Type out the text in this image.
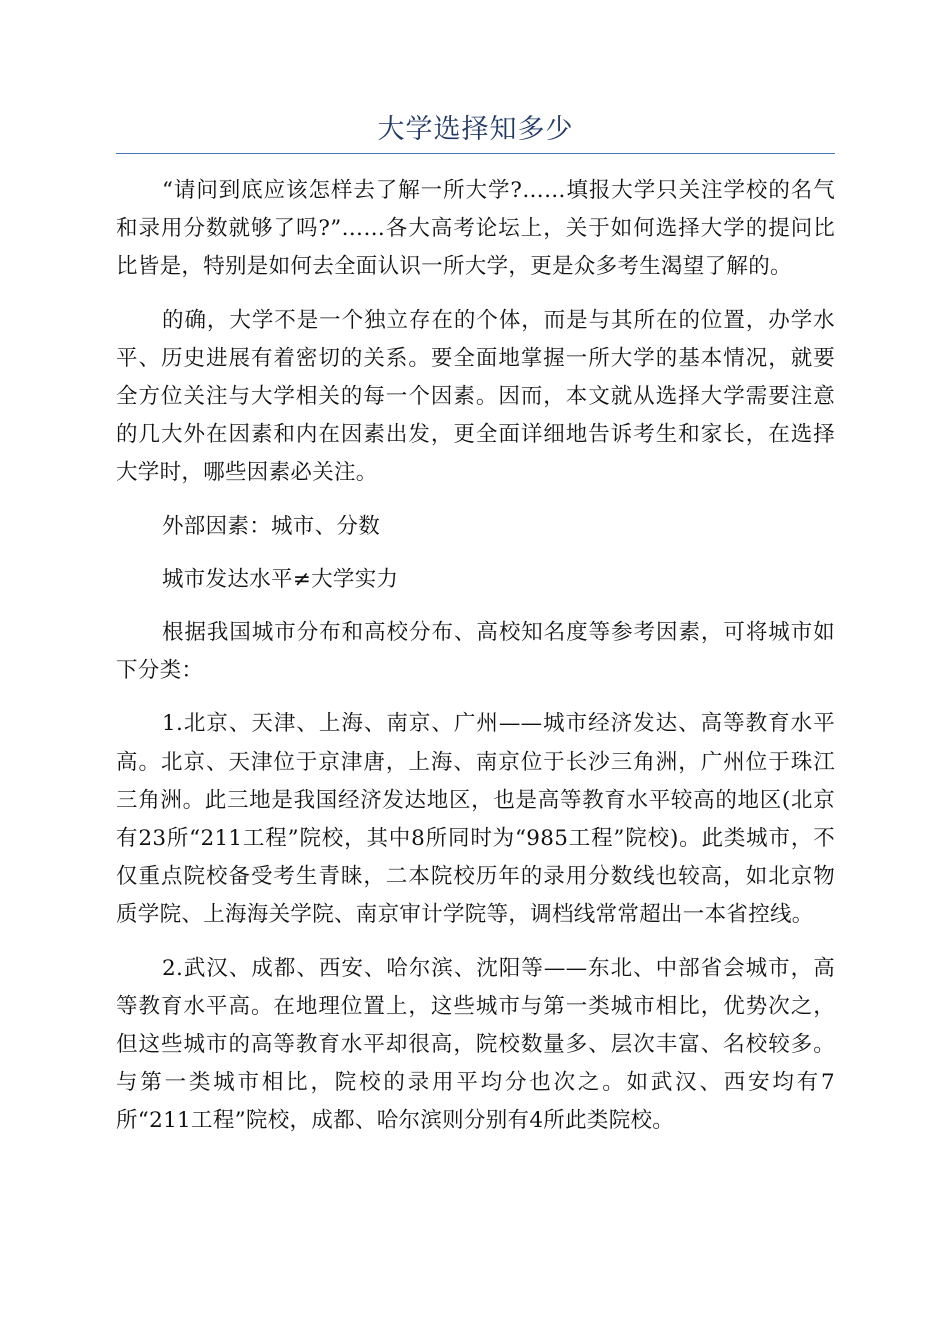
大学选择知多少

“请问到底应该怎样去了解一所大学?……填报大学只关注学校的名气和录用分数就够了吗?”……各大高考论坛上，关于如何选择大学的提问比比皆是，特别是如何去全面认识一所大学，更是众多考生渴望了解的。

的确，大学不是一个独立存在的个体，而是与其所在的位置，办学水平、历史进展有着密切的关系。要全面地掌握一所大学的基本情况，就要全方位关注与大学相关的每一个因素。因而，本文就从选择大学需要注意的几大外在因素和内在因素出发，更全面详细地告诉考生和家长，在选择大学时，哪些因素必关注。

外部因素：城市、分数

城市发达水平≠大学实力

根据我国城市分布和高校分布、高校知名度等参考因素，可将城市如下分类：

1.北京、天津、上海、南京、广州——城市经济发达、高等教育水平高。北京、天津位于京津唐，上海、南京位于长沙三角洲，广州位于珠江三角洲。此三地是我国经济发达地区，也是高等教育水平较高的地区(北京有23所“211工程”院校，其中8所同时为“985工程”院校)。此类城市，不仅重点院校备受考生青睐，二本院校历年的录用分数线也较高，如北京物质学院、上海海关学院、南京审计学院等，调档线常常超出一本省控线。

2.武汉、成都、西安、哈尔滨、沈阳等——东北、中部省会城市，高等教育水平高。在地理位置上，这些城市与第一类城市相比，优势次之，但这些城市的高等教育水平却很高，院校数量多、层次丰富、名校较多。与第一类城市相比，院校的录用平均分也次之。如武汉、西安均有7所“211工程”院校，成都、哈尔滨则分别有4所此类院校。
